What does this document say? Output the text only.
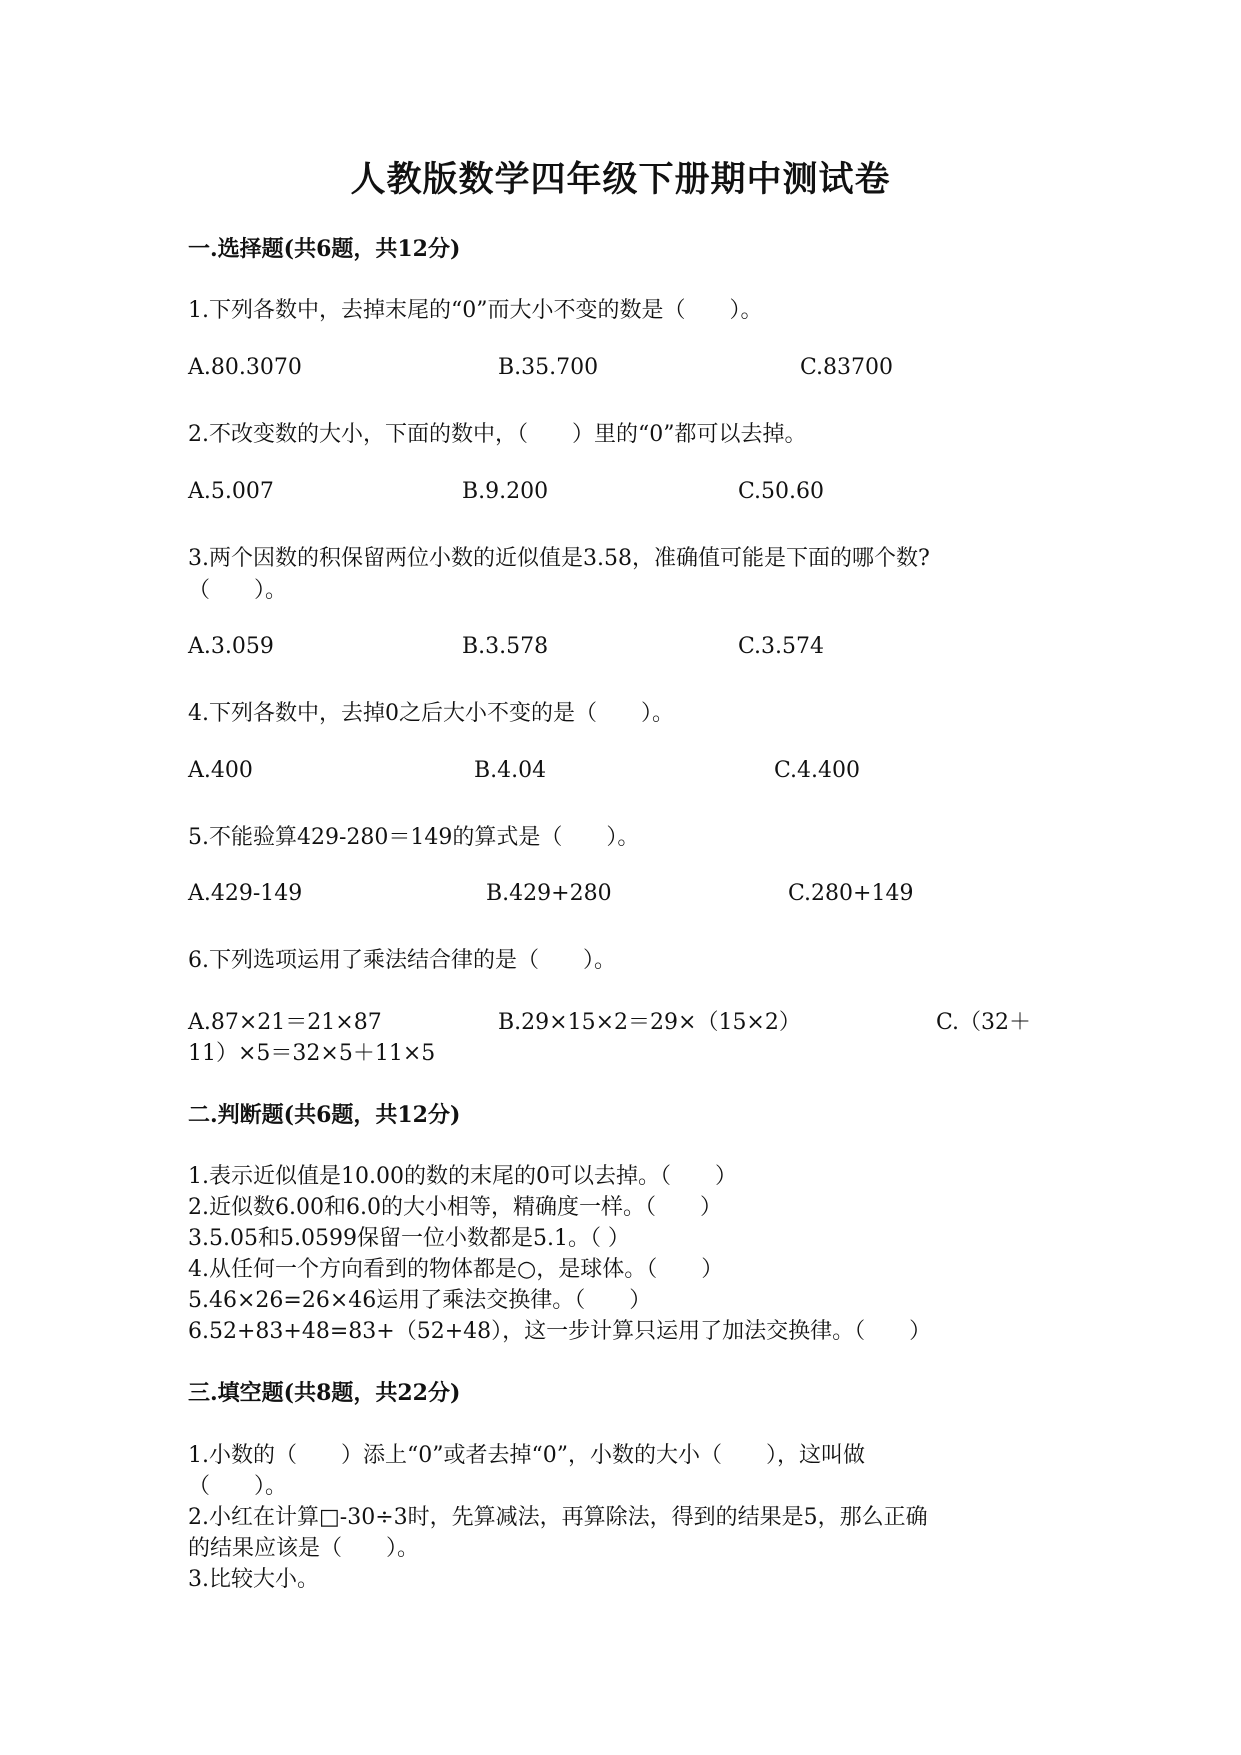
人教版数学四年级下册期中测试卷
一.选择题(共6题，共12分)
1.下列各数中，去掉末尾的“0”而大小不变的数是（　　）。
A.80.3070	B.35.700	C.83700
2.不改变数的大小，下面的数中，（　　）里的“0”都可以去掉。
A.5.007	B.9.200	C.50.60
3.两个因数的积保留两位小数的近似值是3.58，准确值可能是下面的哪个数?
（　　）。
A.3.059	B.3.578	C.3.574
4.下列各数中，去掉0之后大小不变的是（　　）。
A.400	B.4.04	C.4.400
5.不能验算429-280＝149的算式是（　　）。
A.429-149	B.429+280	C.280+149
6.下列选项运用了乘法结合律的是（　　）。
A.87×21＝21×87	B.29×15×2＝29×（15×2）	C.（32＋
11）×5＝32×5＋11×5
二.判断题(共6题，共12分)
1.表示近似值是10.00的数的末尾的0可以去掉。（　　）
2.近似数6.00和6.0的大小相等，精确度一样。（　　）
3.5.05和5.0599保留一位小数都是5.1。（ ）
4.从任何一个方向看到的物体都是○，是球体。（　　）
5.46×26=26×46运用了乘法交换律。（　　）
6.52+83+48=83+（52+48），这一步计算只运用了加法交换律。（　　）
三.填空题(共8题，共22分)
1.小数的（　　）添上“0”或者去掉“0”，小数的大小（　　），这叫做
（　　）。
2.小红在计算□-30÷3时，先算减法，再算除法，得到的结果是5，那么正确
的结果应该是（　　）。
3.比较大小。
